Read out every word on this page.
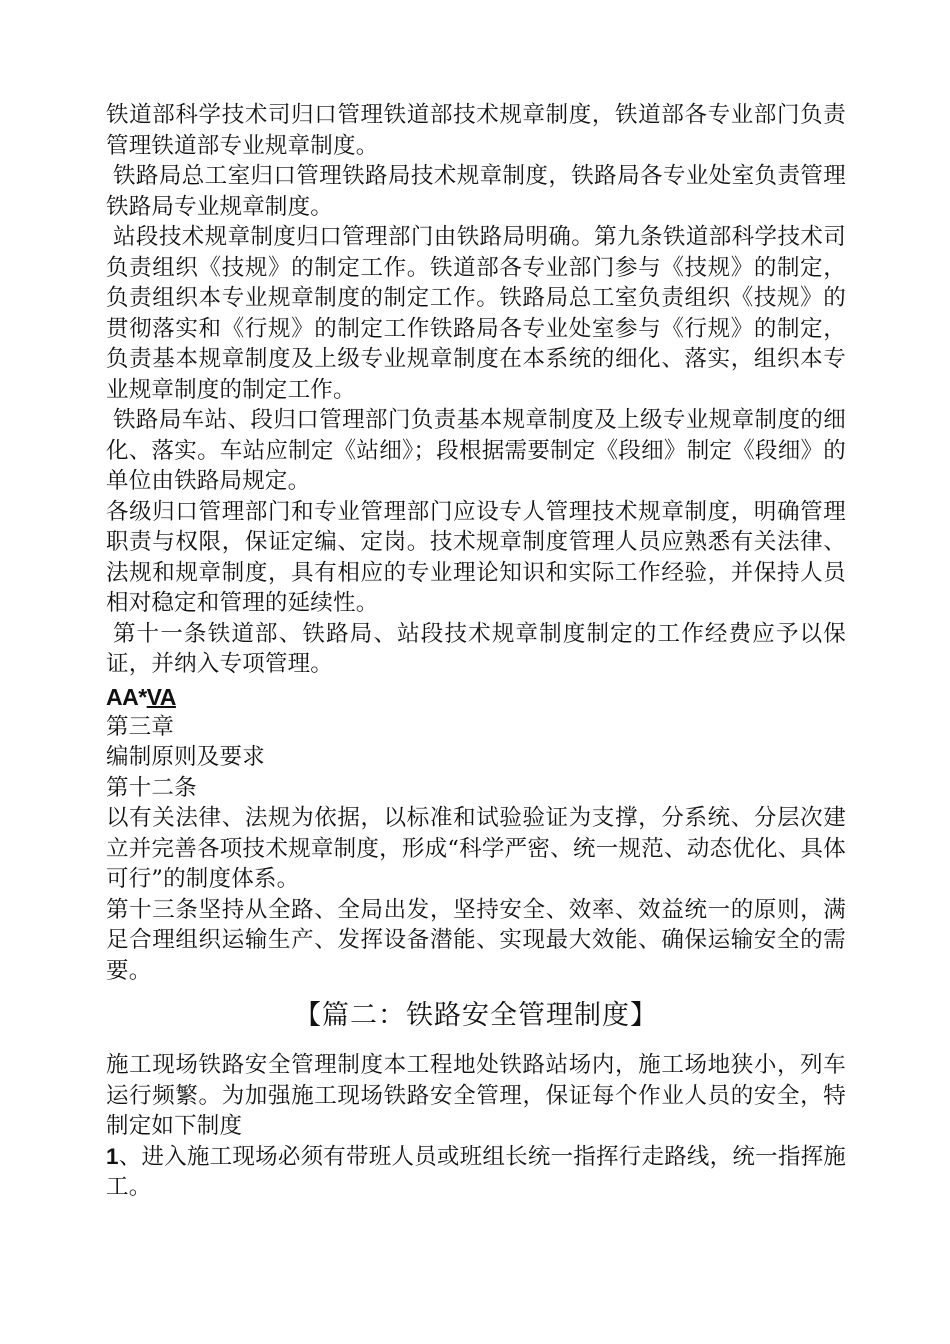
铁道部科学技术司归口管理铁道部技术规章制度，铁道部各专业部门负责管理铁道部专业规章制度。

铁路局总工室归口管理铁路局技术规章制度，铁路局各专业处室负责管理铁路局专业规章制度。

站段技术规章制度归口管理部门由铁路局明确。第九条铁道部科学技术司负责组织《技规》的制定工作。铁道部各专业部门参与《技规》的制定，负责组织本专业规章制度的制定工作。铁路局总工室负责组织《技规》的贯彻落实和《行规》的制定工作铁路局各专业处室参与《行规》的制定，负责基本规章制度及上级专业规章制度在本系统的细化、落实，组织本专业规章制度的制定工作。

铁路局车站、段归口管理部门负责基本规章制度及上级专业规章制度的细化、落实。车站应制定《站细》；段根据需要制定《段细》制定《段细》的单位由铁路局规定。

各级归口管理部门和专业管理部门应设专人管理技术规章制度，明确管理职责与权限，保证定编、定岗。技术规章制度管理人员应熟悉有关法律、法规和规章制度，具有相应的专业理论知识和实际工作经验，并保持人员相对稳定和管理的延续性。

第十一条铁道部、铁路局、站段技术规章制度制定的工作经费应予以保证，并纳入专项管理。

AA*VA

第三章

编制原则及要求

第十二条

以有关法律、法规为依据，以标准和试验验证为支撑，分系统、分层次建立并完善各项技术规章制度，形成“科学严密、统一规范、动态优化、具体可行”的制度体系。

第十三条坚持从全路、全局出发，坚持安全、效率、效益统一的原则，满足合理组织运输生产、发挥设备潜能、实现最大效能、确保运输安全的需要。

【篇二：铁路安全管理制度】

施工现场铁路安全管理制度本工程地处铁路站场内，施工场地狭小，列车运行频繁。为加强施工现场铁路安全管理，保证每个作业人员的安全，特制定如下制度

1、进入施工现场必须有带班人员或班组长统一指挥行走路线，统一指挥施工。
